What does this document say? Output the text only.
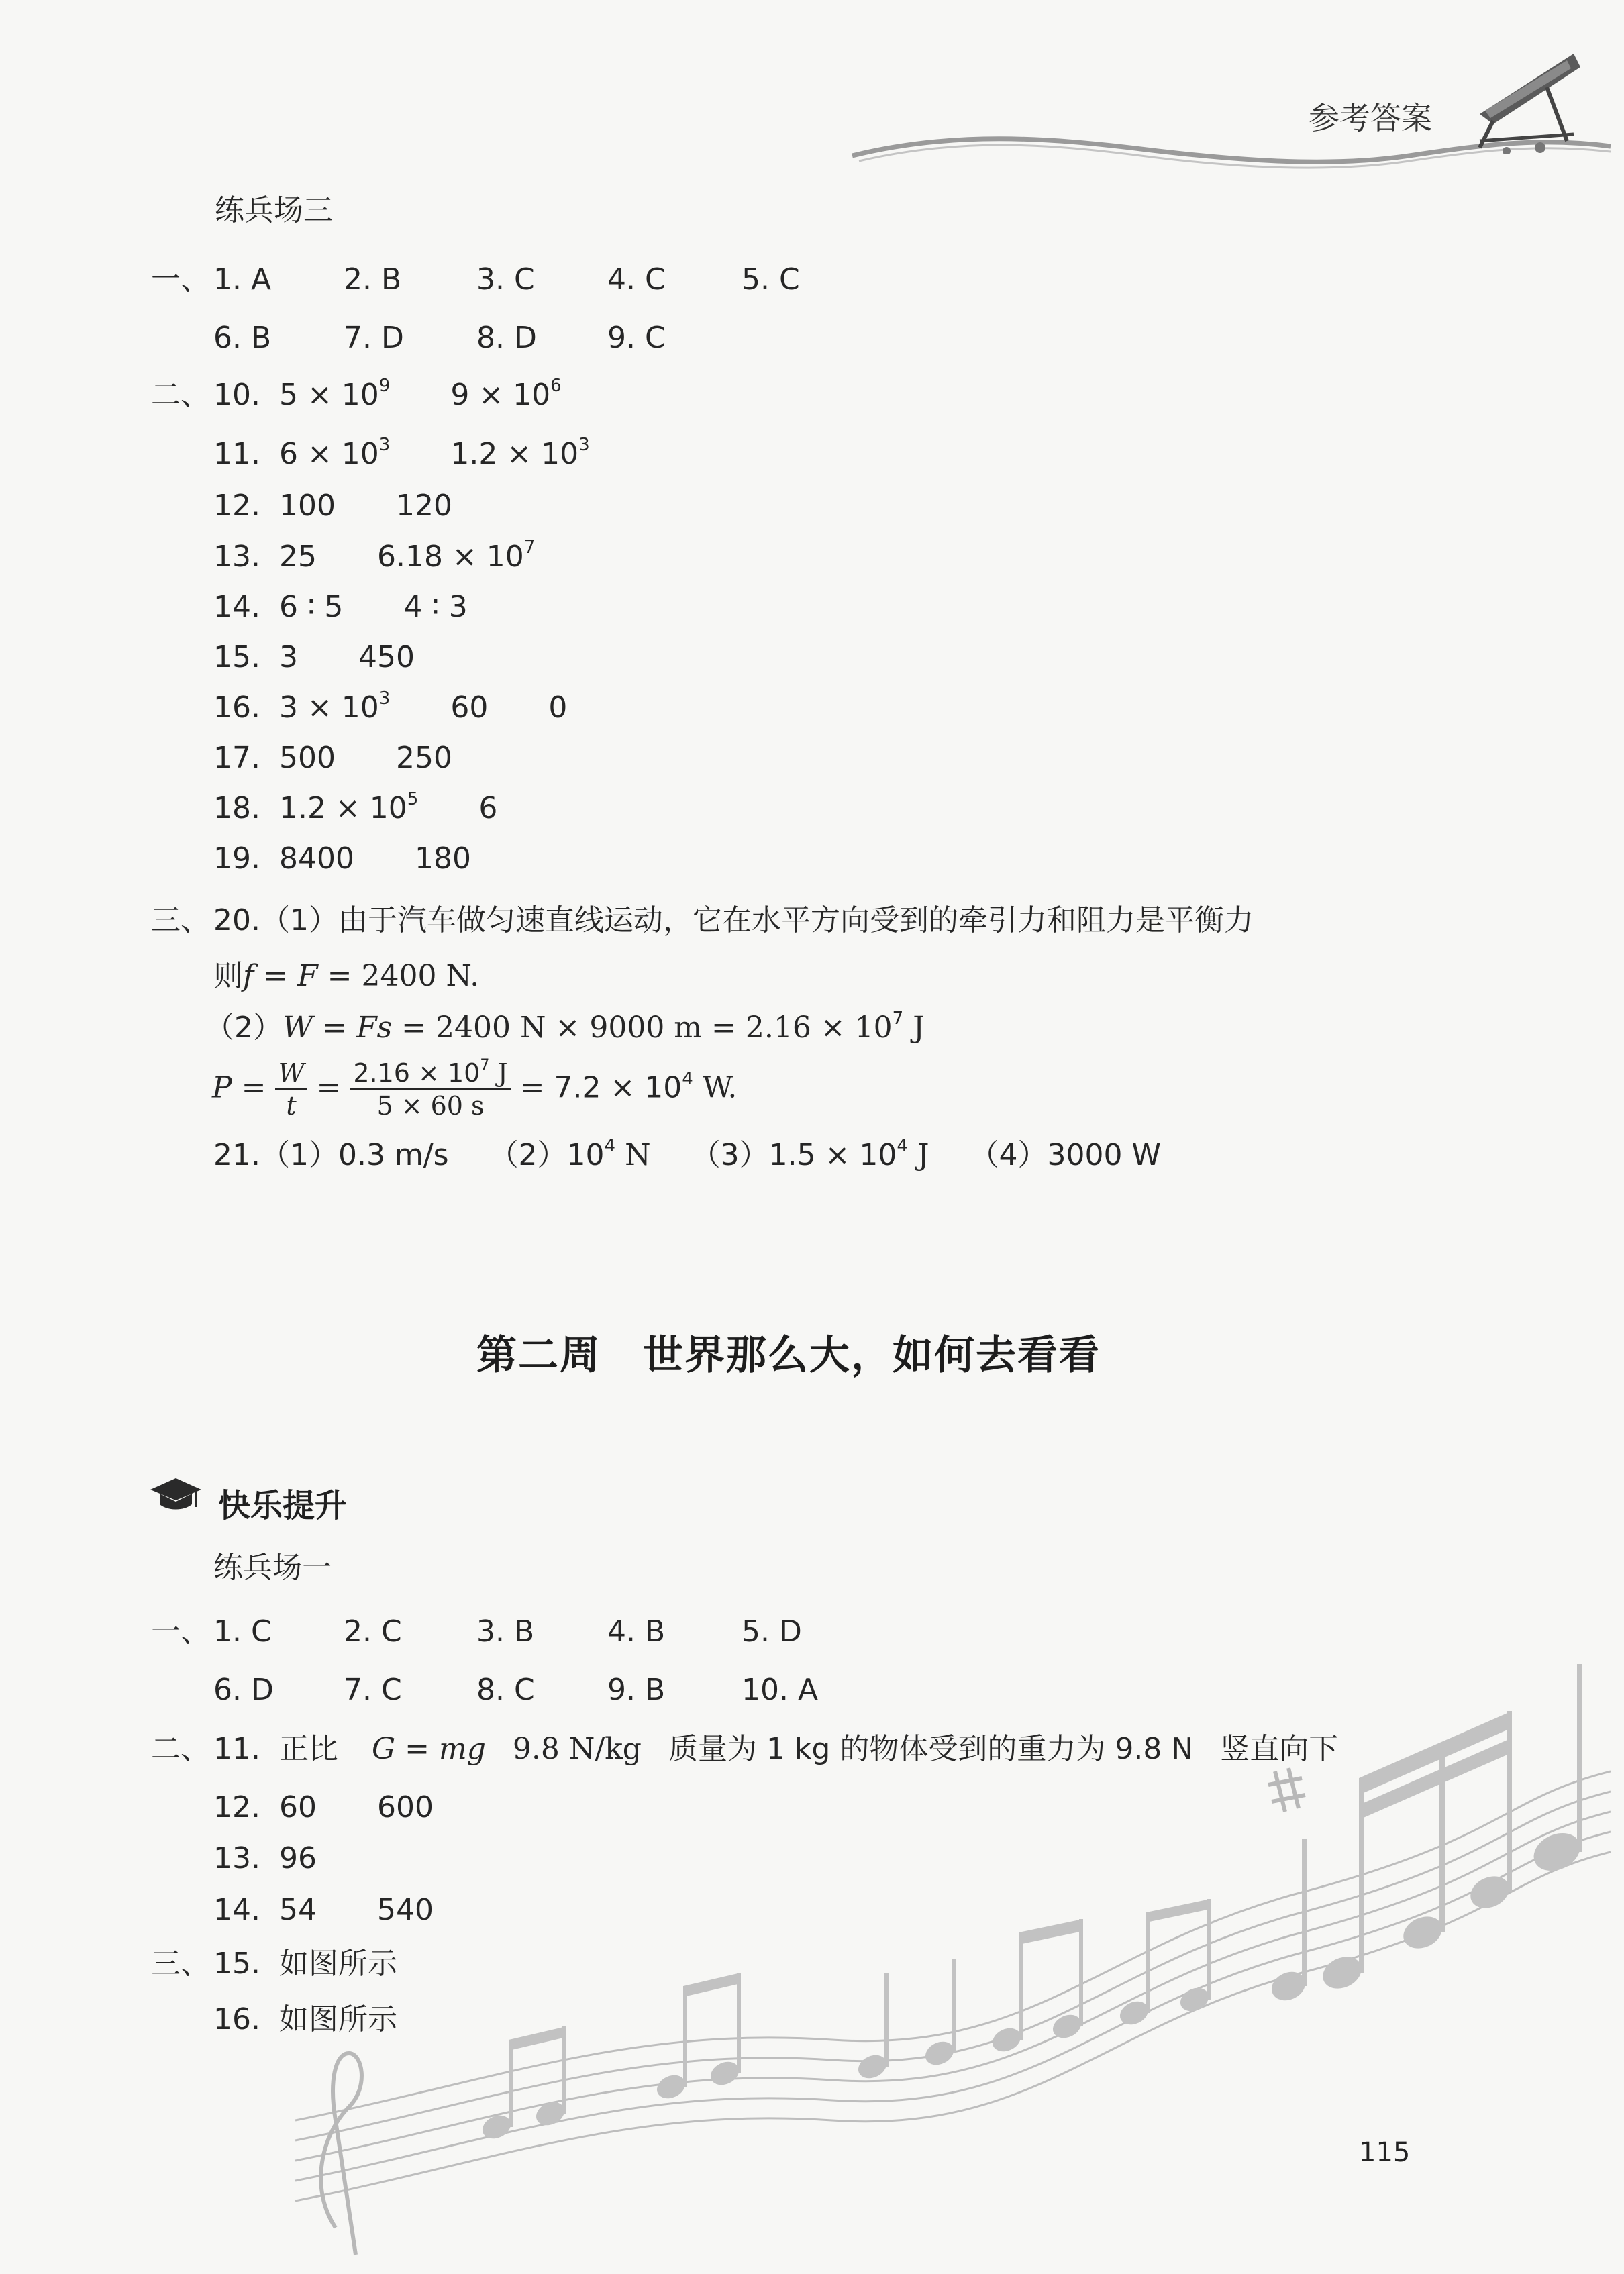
参考答案
练兵场三
一、 1. A 2. B	3. C 4. C	5. C
6. B 7. D 8. D 9. C
二、 10. $5 \times 10^9$ $9 \times 10^6$
11. $6 \times 10^3$ $1.2 \times 10^3$
12. 100 120
13. 25 $6.18 \times 10^7$
14. 6 ∶ 5 4 ∶ 3
15. 3 450
16. $3 \times 10^3$ 60 0
17. 500 250
18. $1.2 \times 10^5$ 6
19. 8400 180
三、 20.（1）由于汽车做匀速直线运动，它在水平方向受到的牵引力和阻力是平衡力
则f = F = 2400 N.
（2）W = Fs = 2400 N × 9000 $m = 2.16 \times 10^7$ J
$P = \frac{W}{t} = \frac{2.16 \times 10^7 J}{5 \times 60 s} = 7.2 \times 10^4$ W.
21.（1）0.3 m/s $(2)10^4$ N $(3)1.5 \times 10^4$ J （4）3000 W
第二周　世界那么大，如何去看看
快乐提升
练兵场一
一、 1. C 2. C	3. B 4. B	5. D
6. D 7. C	8. C 9. B	10. A
二、 11. 正比 G = mg 9.8 N/kg 质量为 1 kg 的物体受到的重力为 9.8 N 竖直向下
12. 60 600
13. 96
14. 54 540
三、 15. 如图所示
16. 如图所示
115
